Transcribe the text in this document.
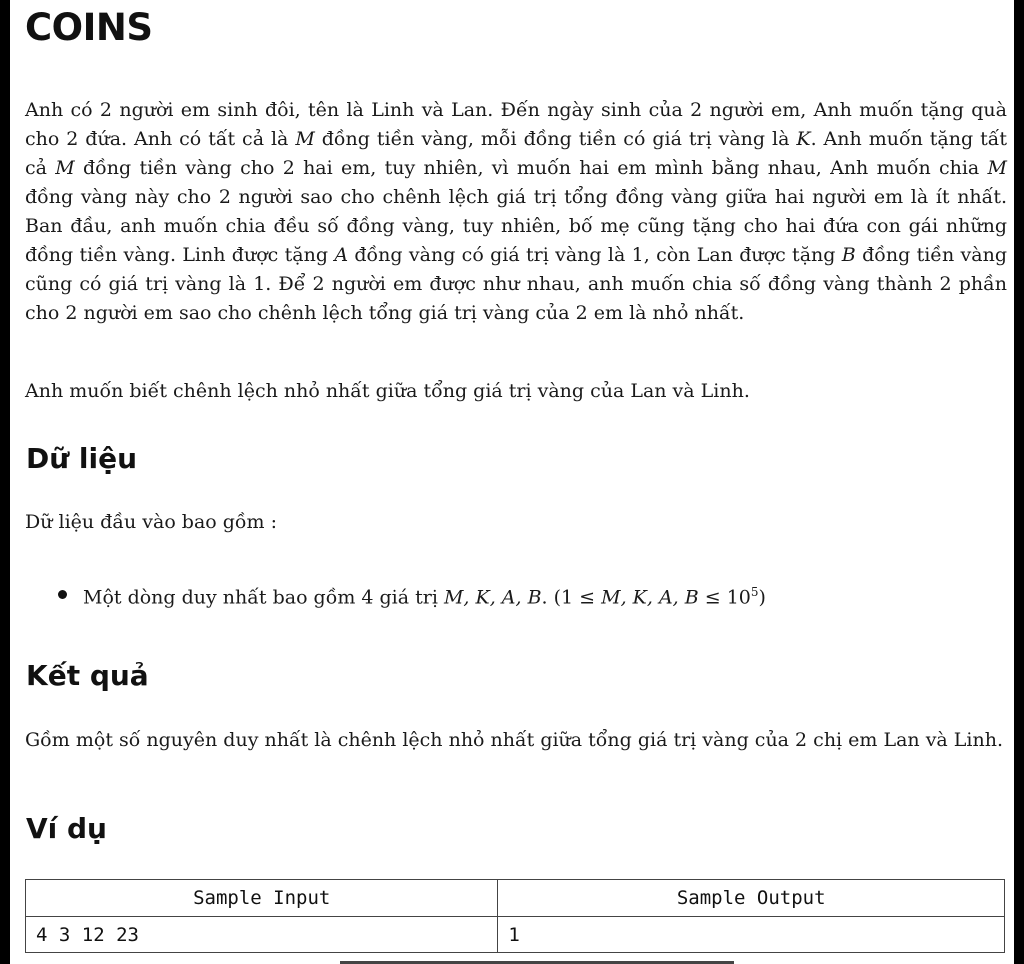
COINS

Anh có 2 người em sinh đôi, tên là Linh và Lan. Đến ngày sinh của 2 người em, Anh muốn tặng quà cho 2 đứa. Anh có tất cả là M đồng tiền vàng, mỗi đồng tiền có giá trị vàng là K. Anh muốn tặng tất cả M đồng tiền vàng cho 2 hai em, tuy nhiên, vì muốn hai em mình bằng nhau, Anh muốn chia M đồng vàng này cho 2 người sao cho chênh lệch giá trị tổng đồng vàng giữa hai người em là ít nhất. Ban đầu, anh muốn chia đều số đồng vàng, tuy nhiên, bố mẹ cũng tặng cho hai đứa con gái những đồng tiền vàng. Linh được tặng A đồng vàng có giá trị vàng là 1, còn Lan được tặng B đồng tiền vàng cũng có giá trị vàng là 1. Để 2 người em được như nhau, anh muốn chia số đồng vàng thành 2 phần cho 2 người em sao cho chênh lệch tổng giá trị vàng của 2 em là nhỏ nhất.

Anh muốn biết chênh lệch nhỏ nhất giữa tổng giá trị vàng của Lan và Linh.

Dữ liệu

Dữ liệu đầu vào bao gồm :

Một dòng duy nhất bao gồm 4 giá trị M, K, A, B. (1 ≤ M, K, A, $B \le 10^5$)
Kết quả

Gồm một số nguyên duy nhất là chênh lệch nhỏ nhất giữa tổng giá trị vàng của 2 chị em Lan và Linh.

Ví dụ
Sample Input	Sample Output
4 3 12 23	1
